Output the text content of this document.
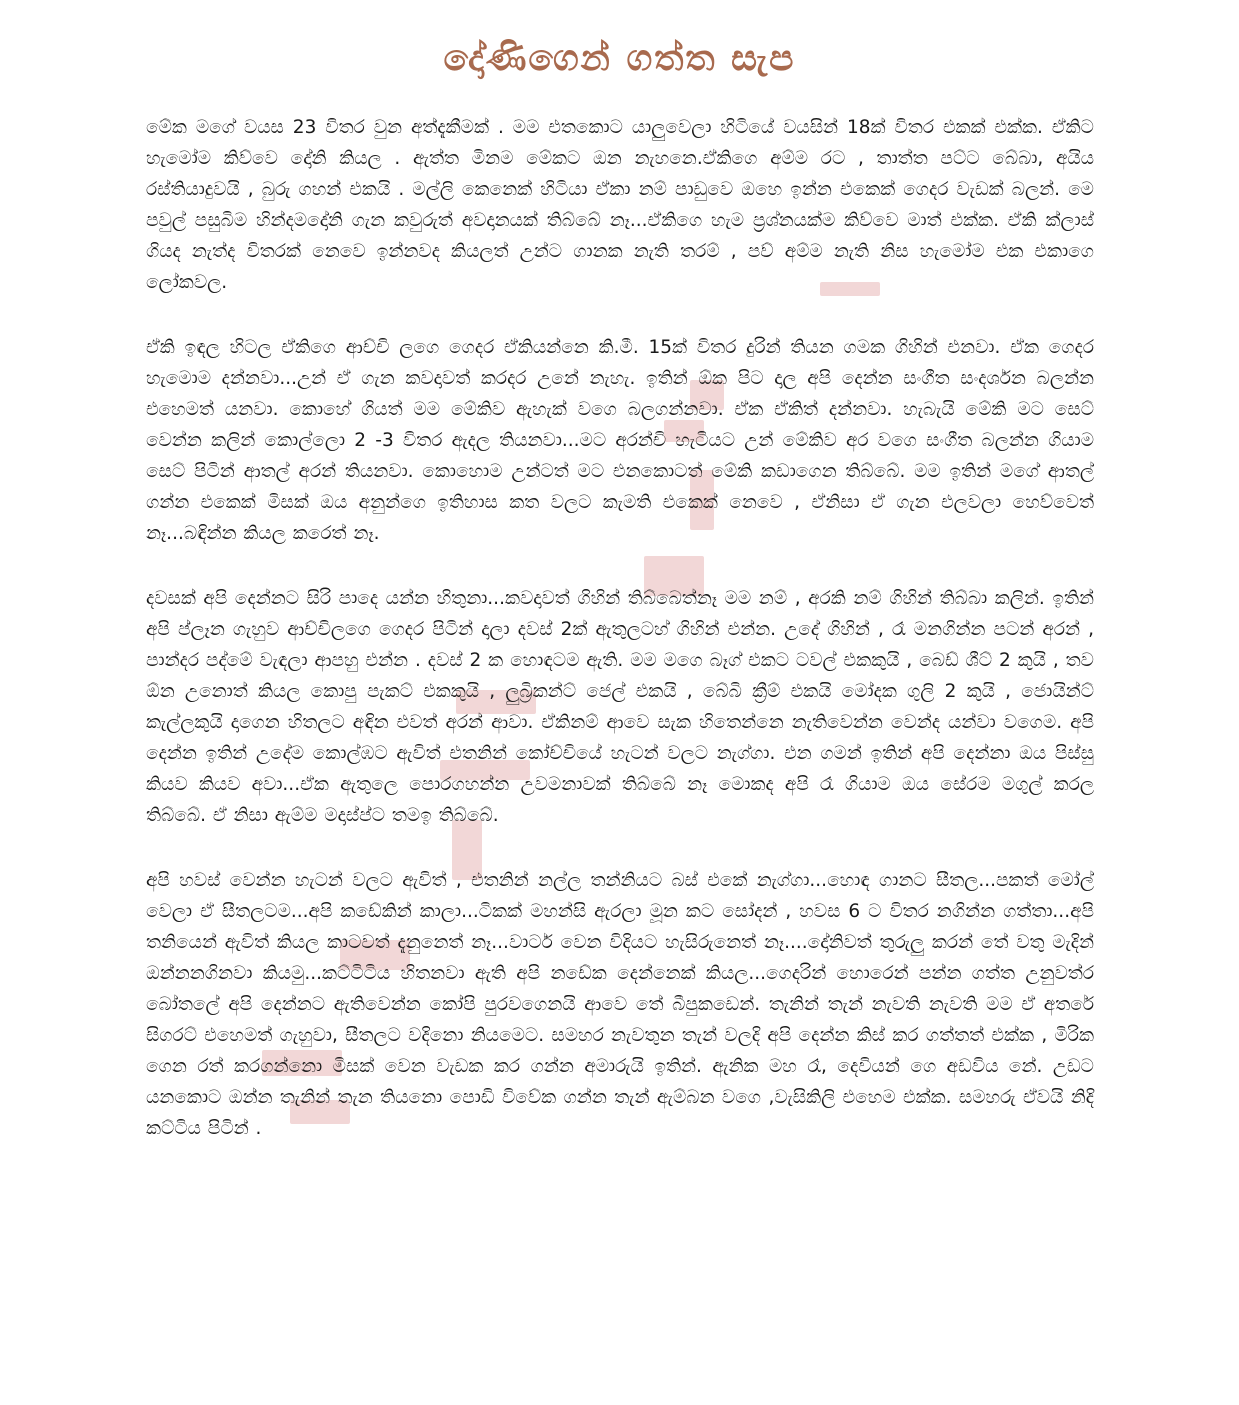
දෝණිගෙන් ගත්ත සැප

මේක මගේ වයස 23 විතර වුන අත්දැකීමක් . මම එතකොට යාලුවෙලා හිටියේ වයසින් 18ක් විතර එකක් එක්ක. ඒකිට හැමෝම කිව්වෙ දෝනි කියල . ඇත්ත මිනම මේකට ඔන නැහනෙ.ඒකිගෙ අම්ම රට , තාත්ත පට්ට බේබා, අයිය රස්තියාදුවයි , බුරු ගහන් එකයි . මල්ලි කෙනෙක් හිටියා ඒකා නම් පාඩුවෙ ඔහෙ ඉන්න එකෙක් ගෙදර වැඩක් බලන්. මෙ පවුල් පසුබිම හින්දමදෝනි ගැන කවුරුත් අවදානයක් තිබ්බේ නෑ...ඒකිගෙ හැම ප්‍රශ්නයක්ම කිව්වෙ මාත් එක්ක. ඒකි ක්ලාස් ගියද නැත්ද විතරක් නෙවෙ ඉන්නවද කියලත් උන්ට ගානක නැති තරම් , පව් අම්ම නැති නිස හැමෝම එක එකාගෙ ලෝකවල.

ඒකි ඉඳල හිටල ඒකිගෙ ආච්චි ලගෙ ගෙදර ඒකියන්නෙ කි.මී. 15ක් විතර දුරින් තියන ගමක ගිහින් එනවා. ඒක ගෙදර හැමොම දන්නවා...උන් ඒ ගැන කවදාවත් කරදර උනේ නැහැ. ඉතින් ඕක පිට දාල අපි දෙන්න සංගීත සංදර්ශන බලන්න එහෙමත් යනවා. කොහේ ගියත් මම මේකිව ඇහැක් වගෙ බලගන්නවා. ඒක ඒකිත් දන්නවා. හැබැයි මේකි මට සෙට් වෙන්න කලින් කොල්ලො 2 -3 විතර ඇදල තියනවා...මට අරන්චි හැටියට උන් මේකිව අර වගෙ සංගීත බලන්න ගියාම සෙට් පිටින් ආතල් අරන් තියනවා. කොහොම උන්ටත් මට එනකොටත් මේකි කඩාගෙන තිබ්බේ. මම ඉතින් මගේ ආතල් ගන්න එකෙක් මිසක් ඔය අනුන්ගෙ ඉතිහාස කත වලට කැමති එකෙක් නෙවෙ , ඒනිසා ඒ ගැන එලවලා හෙව්වෙත් නෑ...බඳින්න කියල කරෙත් නෑ.

දවසක් අපි දෙන්නට සිරි පාදෙ යන්න හිතුනා...කවදාවත් ගිහින් තිබ්බෙත්නෑ මම නම් , අරකි නම් ගිහින් තිබ්බා කලින්. ඉතින් අපි ප්ලෑන ගැහුව ආච්චිලගෙ ගෙදර පිටින් දාලා දවස් 2ක් ඇතුලටහ් ගිහින් එන්න. උදේ ගිහින් , රෑ මනගින්න පටන් අරන් , පාන්දර පද්මේ වැඳලා ආපහු එන්න . දවස් 2 ක හොඳටම ඇති. මම මගෙ බෑග් එකට ටවල් එකකුයි , බෙඩ් ශීට් 2 කුයි , තව ඕන උනොත් කියල කොපු පැකට් එකකුයි , ලුබ්‍රිකන්ට් ජෙල් එකයි , බේබි ක්‍රීම් එකයි මෝදක ගුලි 2 කුයි , ජොයින්ට් කැල්ලකුයි දාගෙන හිතලට අඳින එවත් අරන් ආවා. ඒකිනම් ආවෙ සැක හිතෙන්නෙ නැතිවෙන්න වෙන්ද යන්වා වගෙම. අපි දෙන්න ඉතින් උදේම කොල්ඹට ඇවිත් එතනින් කෝච්චියේ හැටන් වලට නැග්ගා. එන ගමන් ඉතින් අපි දෙන්නා ඔය පිස්සු කියව කියව අවා...ඒක ඇතුලෙ පොරගහන්න උවමනාවක් තිබ්බේ නෑ මොකද අපි රෑ ගියාම ඔය සේරම මගුල් කරල තිබ්බේ. ඒ නිසා ඇම්ම මදාස්ප්ට තමඉ තිබ්බේ.

අපි හවස් වෙන්න හැටන් වලට ඇවිත් , එතනින් නල්ල තන්නියට බස් එකේ නැග්ගා...හොඳ ගානට සීතල...පකත් මෝල් වෙලා ඒ සීතලටම...අපි කඩේකින් කාලා...ටිකක් මහන්සි ඇරලා මූන කට සෝදන් , හවස 6 ට විතර නගින්න ගත්තා...අපි තනියෙන් ඇවිත් කියල කාටවත් දැනුනෙත් නෑ...වාටර් වෙන විදියට හැසිරුනෙත් නෑ....දෝනිවත් තුරුලු කරන් තේ වතු මැදින් ඔන්නනගිනවා කියමු...කට්ටිටිය හිතනවා ඇති අපි නඩේක දෙන්නෙක් කියල...ගෙදරින් හොරෙන් පන්න ගත්ත උනුවත්ර බෝතලේ අපි දෙන්නට ඇතිවෙන්න කෝපි පුරවගෙනයි ආවෙ තේ බීපුකඩෙන්. තැනින් තැන් නැවති නැවති මම ඒ අතරේ සිගරට් එහෙමත් ගැහුවා, සීතලට වදිනො නියමෙට. සමහර නැවතුන තැන් වලදි අපි දෙන්න කිස් කර ගත්තත් එක්ක , මිරික ගෙන රත් කරගන්නො මිසක් වෙන වැඩක කර ගන්න අමාරුයි ඉතින්. ඇනික මහ රෑ, දෙවියන් ගෙ අඩවිය නේ. උඩට යනකොට ඔන්න තැනින් තැන තියනො පොඩි විවේක ගන්න තැන් ඇම්බන වගෙ ,වැසිකිලි එහෙම එක්ක. සමහරු ඒවයි නිදි කට්ටිය පිටින් .
